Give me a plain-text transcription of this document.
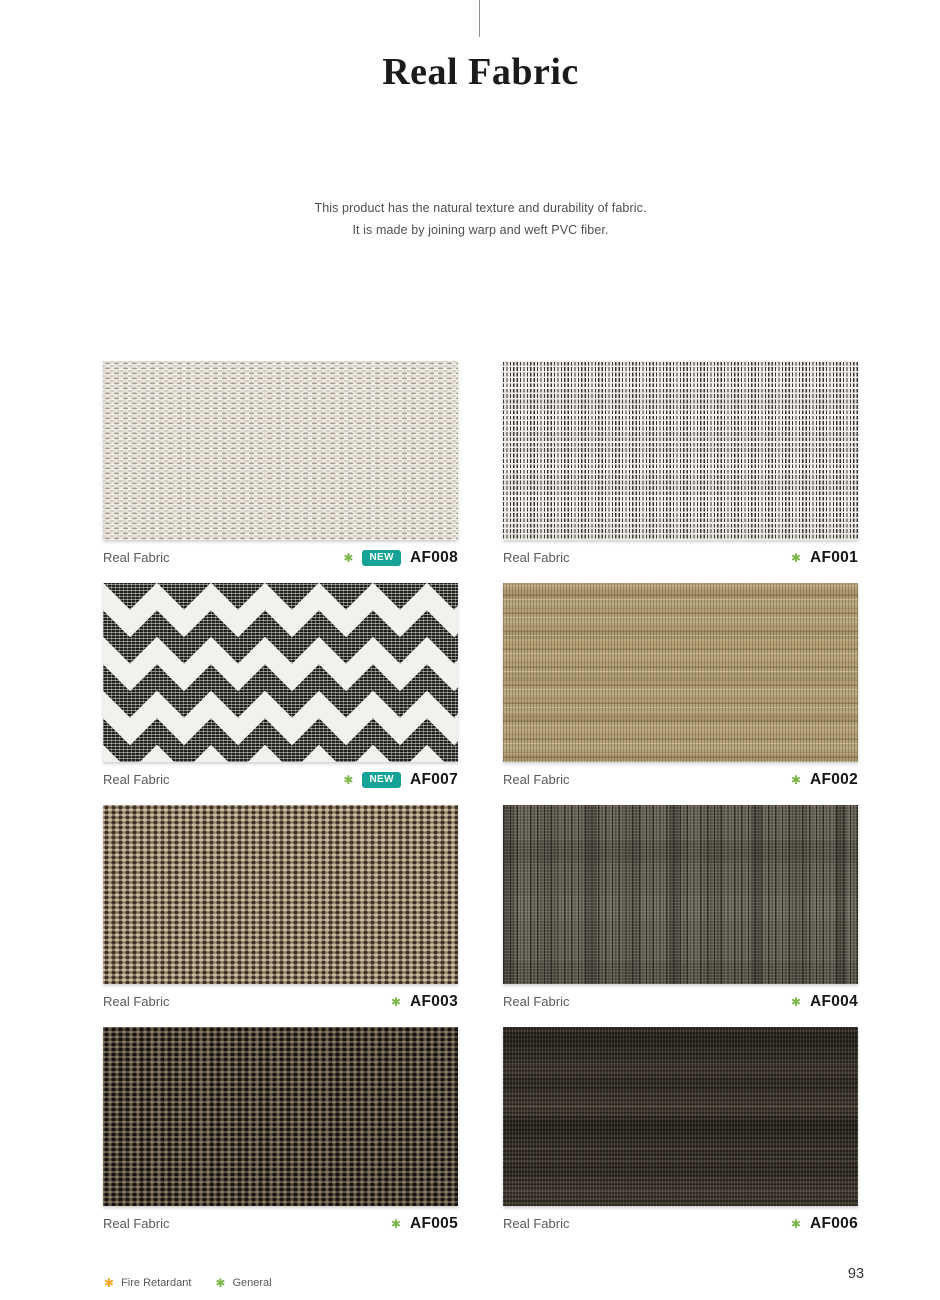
Real Fabric

This product has the natural texture and durability of fabric.
It is made by joining warp and weft PVC fiber.

Real Fabric	✱	NEW	AF008	Real Fabric	✱ AF001
Real Fabric	✱	NEW	AF007	Real Fabric	✱ AF002
Real Fabric	✱ AF003	Real Fabric	✱ AF004
Real Fabric	✱ AF005	Real Fabric	✱ AF006
✱ Fire Retardant ✱ General
93
